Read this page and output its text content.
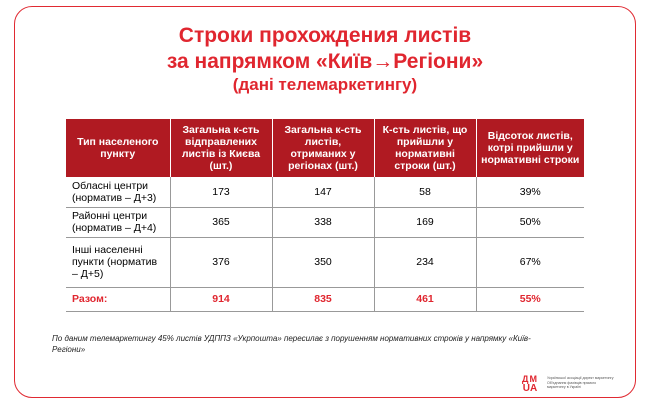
Строки прохождения листів
за напрямком «Київ→Регіони»
(дані телемаркетингу)
Тип населеного пункту	Загальна к-сть відправлених листів із Києва (шт.)	Загальна к-сть листів, отриманих у регіонах (шт.)	К-сть листів, що прийшли у нормативні строки (шт.)	Відсоток листів, котрі прийшли у нормативні строки
Обласні центри (норматив – Д+3)	173	147	58	39%
Районні центри (норматив – Д+4)	365	338	169	50%
Інші населенні пункти (норматив – Д+5)	376	350	234	67%
Разом:	914	835	461	55%
По даним телемаркетингу 45% листів УДППЗ «Укрпошта» пересилає з порушенням нормативних строків у напрямку «Київ-Регіони»
ДМ
UA
Української асоціації директ маркетингу Об'єднання фахівців прямого маркетингу в Україні
